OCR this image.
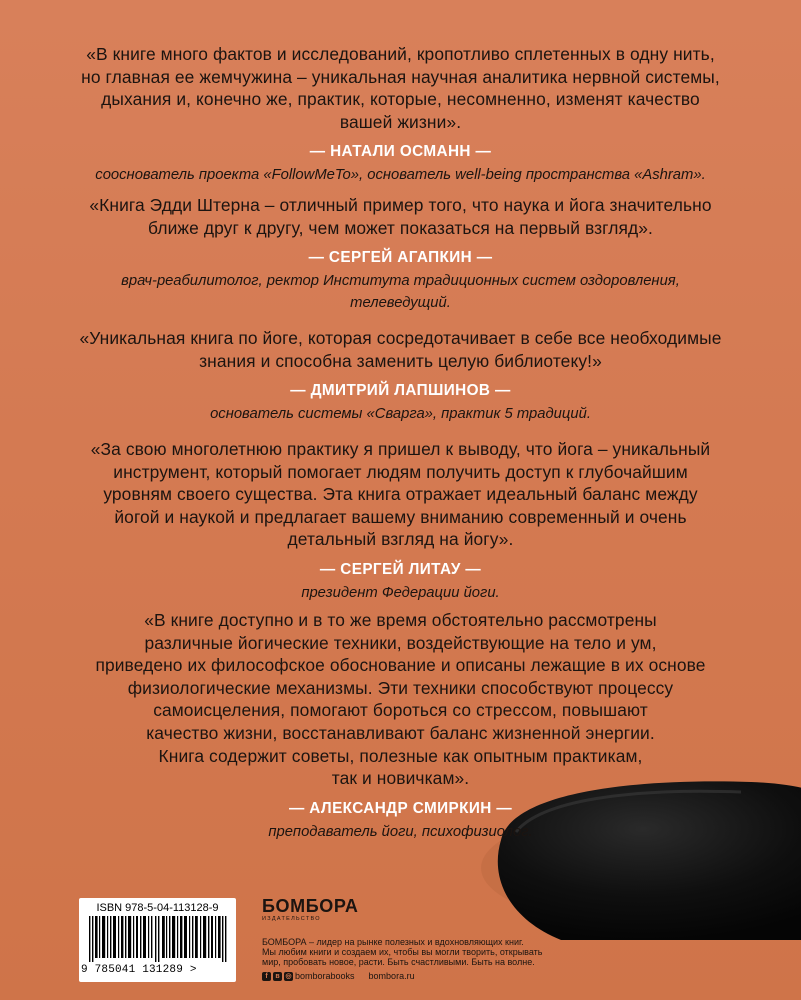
«В книге много фактов и исследований, кропотливо сплетенных в одну нить,
но главная ее жемчужина – уникальная научная аналитика нервной системы,
дыхания и, конечно же, практик, которые, несомненно, изменят качество
вашей жизни».

— НАТАЛИ ОСМАНН —
сооснователь проекта «FollowMeTo», основатель well-being пространства «Ashram».

«Книга Эдди Штерна – отличный пример того, что наука и йога значительно
ближе друг к другу, чем может показаться на первый взгляд».

— СЕРГЕЙ АГАПКИН —
врач-реабилитолог, ректор Института традиционных систем оздоровления,
телеведущий.

«Уникальная книга по йоге, которая сосредотачивает в себе все необходимые
знания и способна заменить целую библиотеку!»

— ДМИТРИЙ ЛАПШИНОВ —
основатель системы «Сварга», практик 5 традиций.

«За свою многолетнюю практику я пришел к выводу, что йога – уникальный
инструмент, который помогает людям получить доступ к глубочайшим
уровням своего существа. Эта книга отражает идеальный баланс между
йогой и наукой и предлагает вашему вниманию современный и очень
детальный взгляд на йогу».

— СЕРГЕЙ ЛИТАУ —
президент Федерации йоги.

«В книге доступно и в то же время обстоятельно рассмотрены
различные йогические техники, воздействующие на тело и ум,
приведено их философское обоснование и описаны лежащие в их основе
физиологические механизмы. Эти техники способствуют процессу
самоисцеления, помогают бороться со стрессом, повышают
качество жизни, восстанавливают баланс жизненной энергии.
Книга содержит советы, полезные как опытным практикам,
так и новичкам».

— АЛЕКСАНДР СМИРКИН —
преподаватель йоги, психофизиолог.
ISBN 978-5-04-113128-9
9 785041 131289 >
БОМБОРА
ИЗДАТЕЛЬСТВО
БОМБОРА – лидер на рынке полезных и вдохновляющих книг.
Мы любим книги и создаем их, чтобы вы могли творить, открывать
мир, пробовать новое, расти. Быть счастливыми. Быть на волне.
f	в ◎ bomborabooks bombora.ru
